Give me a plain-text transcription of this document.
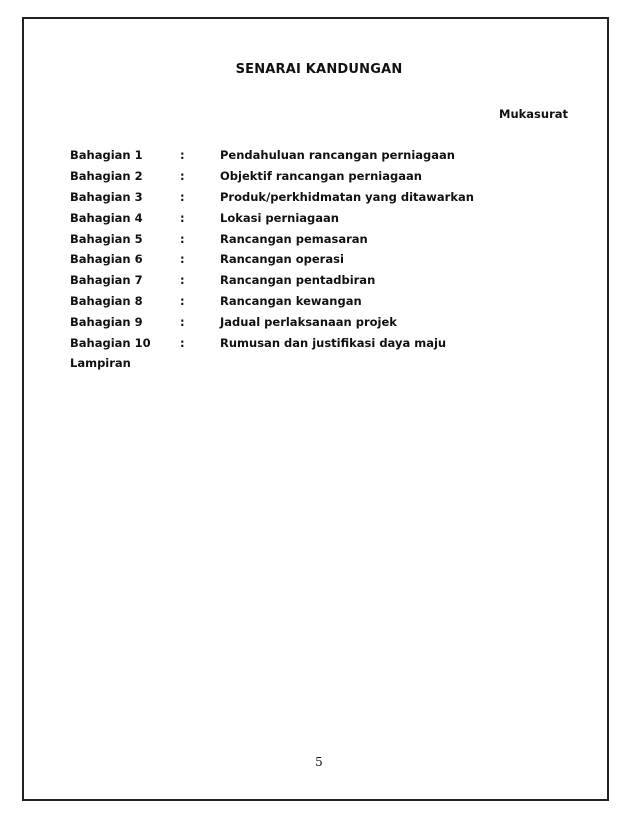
SENARAI KANDUNGAN
Mukasurat
Bahagian 1	:	Pendahuluan rancangan perniagaan
Bahagian 2	:	Objektif rancangan perniagaan
Bahagian 3	:	Produk/perkhidmatan yang ditawarkan
Bahagian 4	:	Lokasi perniagaan
Bahagian 5	:	Rancangan pemasaran
Bahagian 6	:	Rancangan operasi
Bahagian 7	:	Rancangan pentadbiran
Bahagian 8	:	Rancangan kewangan
Bahagian 9	:	Jadual perlaksanaan projek
Bahagian 10	:	Rumusan dan justifikasi daya maju
Lampiran
5
